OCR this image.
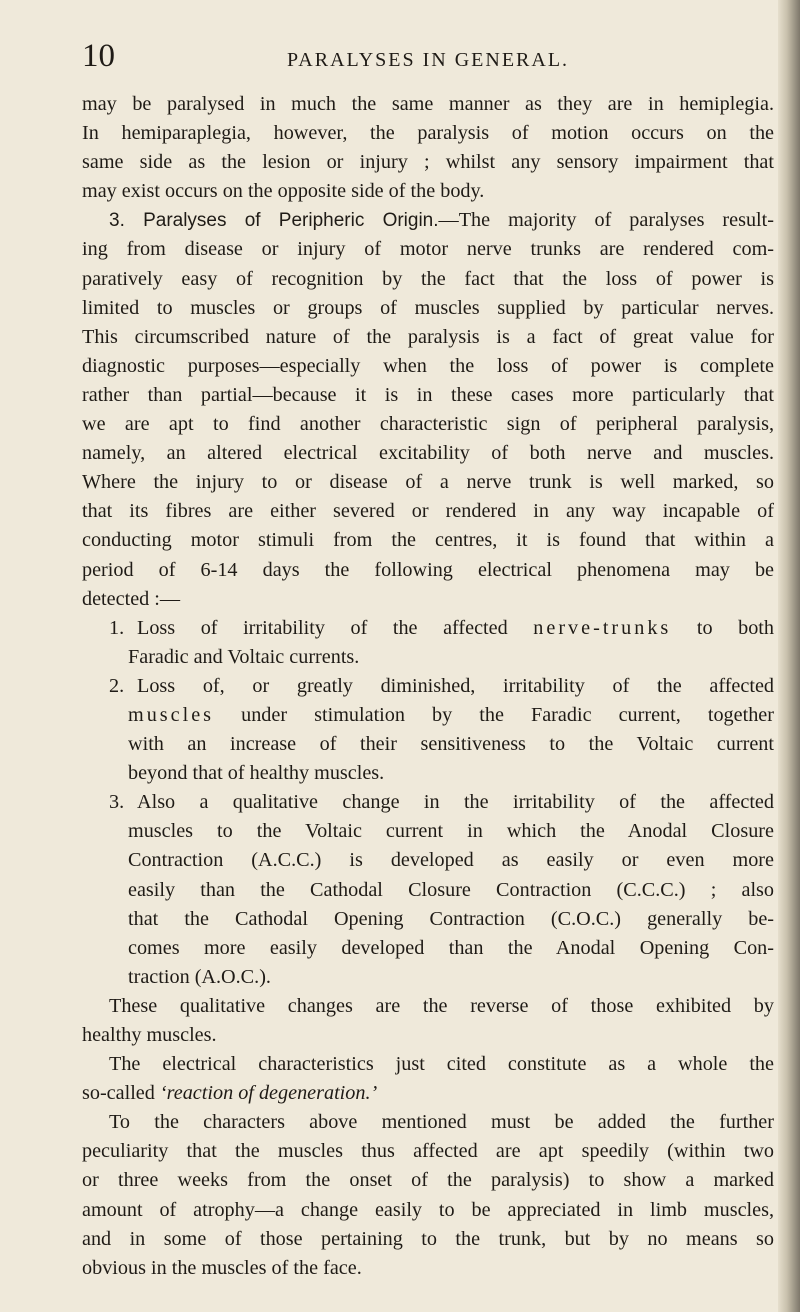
10	PARALYSES IN GENERAL.
may be paralysed in much the same manner as they are in hemiplegia.
In hemiparaplegia, however, the paralysis of motion occurs on the
same side as the lesion or injury ; whilst any sensory impairment that
may exist occurs on the opposite side of the body.
3. Paralyses of Peripheric Origin.—The majority of paralyses result-
ing from disease or injury of motor nerve trunks are rendered com-
paratively easy of recognition by the fact that the loss of power is
limited to muscles or groups of muscles supplied by particular nerves.
This circumscribed nature of the paralysis is a fact of great value for
diagnostic purposes—especially when the loss of power is complete
rather than partial—because it is in these cases more particularly that
we are apt to find another characteristic sign of peripheral paralysis,
namely, an altered electrical excitability of both nerve and muscles.
Where the injury to or disease of a nerve trunk is well marked, so
that its fibres are either severed or rendered in any way incapable of
conducting motor stimuli from the centres, it is found that within a
period of 6-14 days the following electrical phenomena may be
detected :—
1. Loss of irritability of the affected nerve-trunks to both
Faradic and Voltaic currents.
2. Loss of, or greatly diminished, irritability of the affected
muscles under stimulation by the Faradic current, together
with an increase of their sensitiveness to the Voltaic current
beyond that of healthy muscles.
3. Also a qualitative change in the irritability of the affected
muscles to the Voltaic current in which the Anodal Closure
Contraction (A.C.C.) is developed as easily or even more
easily than the Cathodal Closure Contraction (C.C.C.) ; also
that the Cathodal Opening Contraction (C.O.C.) generally be-
comes more easily developed than the Anodal Opening Con-
traction (A.O.C.).
These qualitative changes are the reverse of those exhibited by
healthy muscles.
The electrical characteristics just cited constitute as a whole the
so-called ‘reaction of degeneration.’
To the characters above mentioned must be added the further
peculiarity that the muscles thus affected are apt speedily (within two
or three weeks from the onset of the paralysis) to show a marked
amount of atrophy—a change easily to be appreciated in limb muscles,
and in some of those pertaining to the trunk, but by no means so
obvious in the muscles of the face.
